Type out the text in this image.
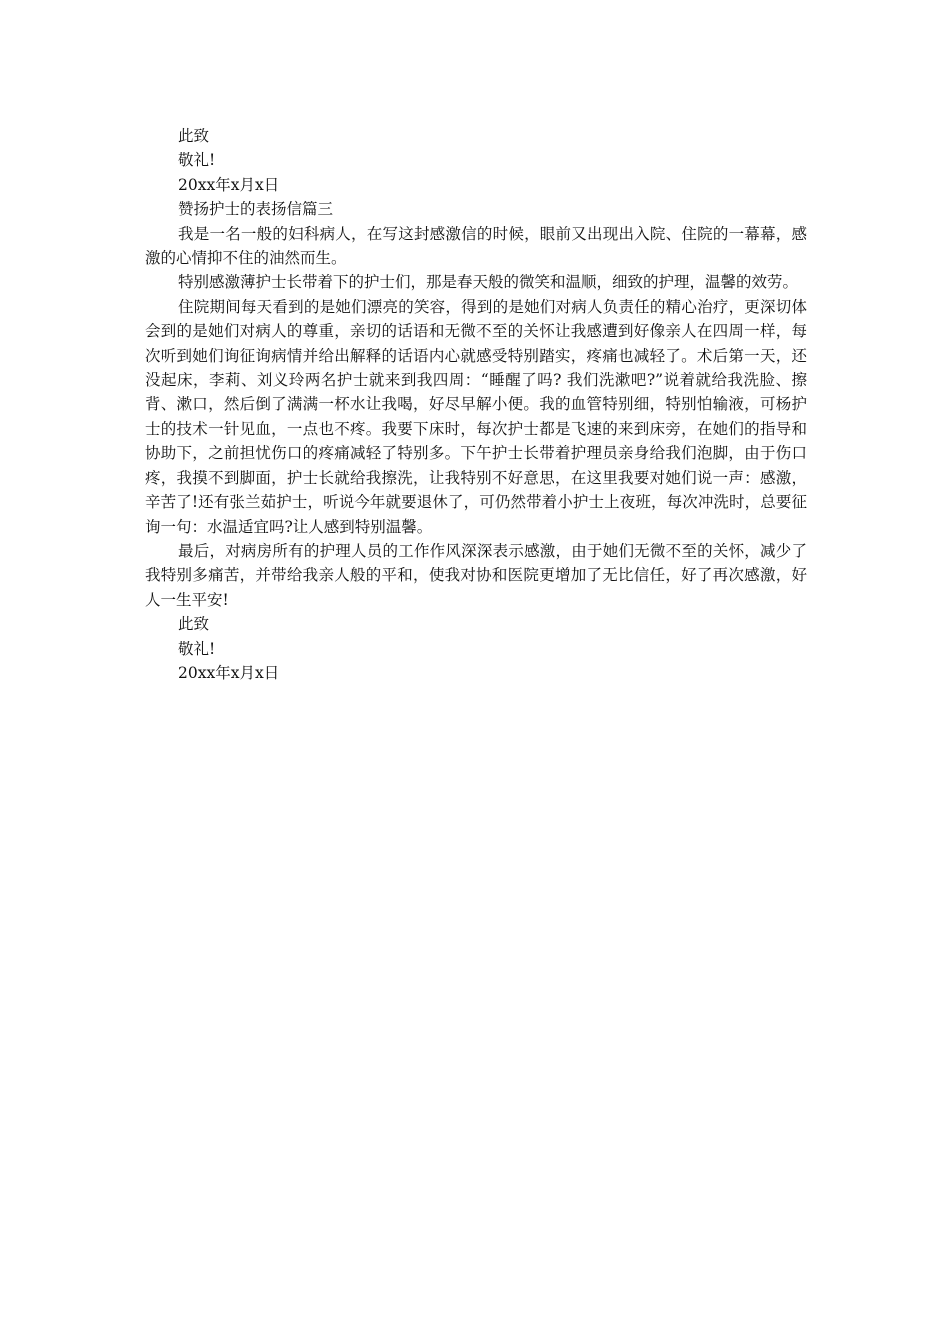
此致

敬礼!

20xx年x月x日

赞扬护士的表扬信篇三

我是一名一般的妇科病人，在写这封感激信的时候，眼前又出现出入院、住院的一幕幕，感激的心情抑不住的油然而生。

特别感激薄护士长带着下的护士们，那是春天般的微笑和温顺，细致的护理，温馨的效劳。

住院期间每天看到的是她们漂亮的笑容，得到的是她们对病人负责任的精心治疗，更深切体会到的是她们对病人的尊重，亲切的话语和无微不至的关怀让我感遭到好像亲人在四周一样，每次听到她们询征询病情并给出解释的话语内心就感受特别踏实，疼痛也减轻了。术后第一天，还没起床，李莉、刘义玲两名护士就来到我四周：“睡醒了吗? 我们洗漱吧?”说着就给我洗脸、擦背、漱口，然后倒了满满一杯水让我喝，好尽早解小便。我的血管特别细，特别怕输液，可杨护士的技术一针见血，一点也不疼。我要下床时，每次护士都是飞速的来到床旁，在她们的指导和协助下，之前担忧伤口的疼痛减轻了特别多。下午护士长带着护理员亲身给我们泡脚，由于伤口疼，我摸不到脚面，护士长就给我擦洗，让我特别不好意思，在这里我要对她们说一声：感激，辛苦了!还有张兰茹护士，听说今年就要退休了，可仍然带着小护士上夜班，每次冲洗时，总要征询一句：水温适宜吗?让人感到特别温馨。

最后，对病房所有的护理人员的工作作风深深表示感激，由于她们无微不至的关怀，减少了我特别多痛苦，并带给我亲人般的平和，使我对协和医院更增加了无比信任，好了再次感激，好人一生平安!

此致

敬礼!

20xx年x月x日
